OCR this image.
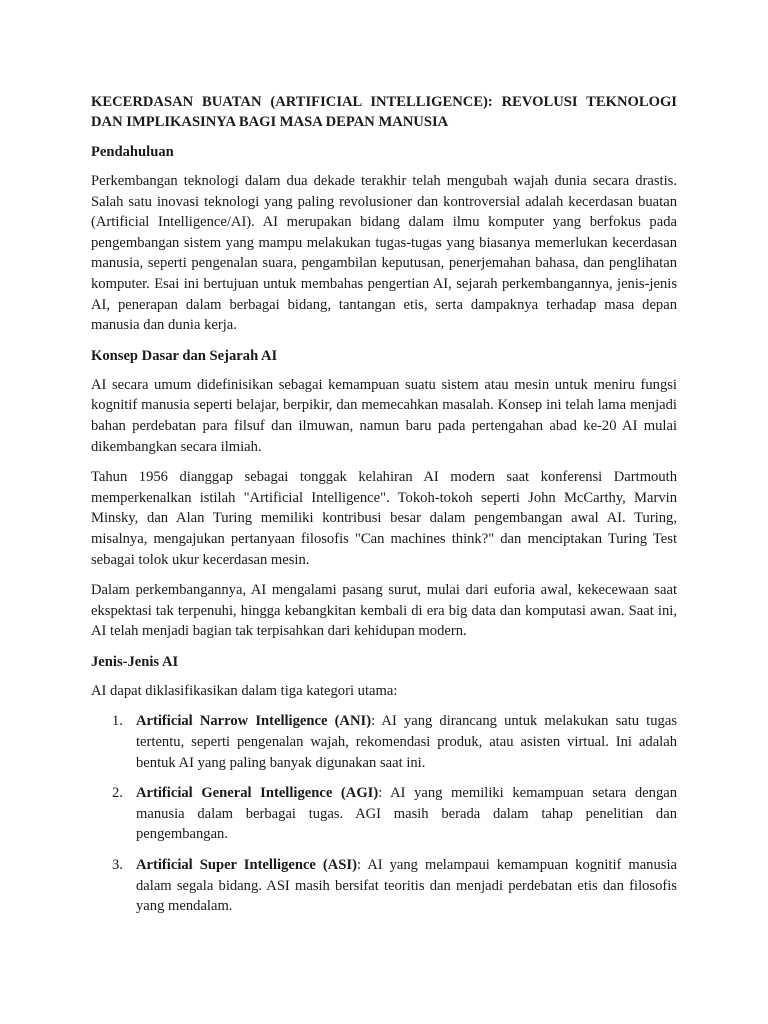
KECERDASAN BUATAN (ARTIFICIAL INTELLIGENCE): REVOLUSI TEKNOLOGI DAN IMPLIKASINYA BAGI MASA DEPAN MANUSIA
Pendahuluan

Perkembangan teknologi dalam dua dekade terakhir telah mengubah wajah dunia secara drastis. Salah satu inovasi teknologi yang paling revolusioner dan kontroversial adalah kecerdasan buatan (Artificial Intelligence/AI). AI merupakan bidang dalam ilmu komputer yang berfokus pada pengembangan sistem yang mampu melakukan tugas-tugas yang biasanya memerlukan kecerdasan manusia, seperti pengenalan suara, pengambilan keputusan, penerjemahan bahasa, dan penglihatan komputer. Esai ini bertujuan untuk membahas pengertian AI, sejarah perkembangannya, jenis-jenis AI, penerapan dalam berbagai bidang, tantangan etis, serta dampaknya terhadap masa depan manusia dan dunia kerja.

Konsep Dasar dan Sejarah AI

AI secara umum didefinisikan sebagai kemampuan suatu sistem atau mesin untuk meniru fungsi kognitif manusia seperti belajar, berpikir, dan memecahkan masalah. Konsep ini telah lama menjadi bahan perdebatan para filsuf dan ilmuwan, namun baru pada pertengahan abad ke-20 AI mulai dikembangkan secara ilmiah.

Tahun 1956 dianggap sebagai tonggak kelahiran AI modern saat konferensi Dartmouth memperkenalkan istilah "Artificial Intelligence". Tokoh-tokoh seperti John McCarthy, Marvin Minsky, dan Alan Turing memiliki kontribusi besar dalam pengembangan awal AI. Turing, misalnya, mengajukan pertanyaan filosofis "Can machines think?" dan menciptakan Turing Test sebagai tolok ukur kecerdasan mesin.

Dalam perkembangannya, AI mengalami pasang surut, mulai dari euforia awal, kekecewaan saat ekspektasi tak terpenuhi, hingga kebangkitan kembali di era big data dan komputasi awan. Saat ini, AI telah menjadi bagian tak terpisahkan dari kehidupan modern.

Jenis-Jenis AI

AI dapat diklasifikasikan dalam tiga kategori utama:

1. Artificial Narrow Intelligence (ANI): AI yang dirancang untuk melakukan satu tugas tertentu, seperti pengenalan wajah, rekomendasi produk, atau asisten virtual. Ini adalah bentuk AI yang paling banyak digunakan saat ini.
2. Artificial General Intelligence (AGI): AI yang memiliki kemampuan setara dengan manusia dalam berbagai tugas. AGI masih berada dalam tahap penelitian dan pengembangan.
3. Artificial Super Intelligence (ASI): AI yang melampaui kemampuan kognitif manusia dalam segala bidang. ASI masih bersifat teoritis dan menjadi perdebatan etis dan filosofis yang mendalam.
